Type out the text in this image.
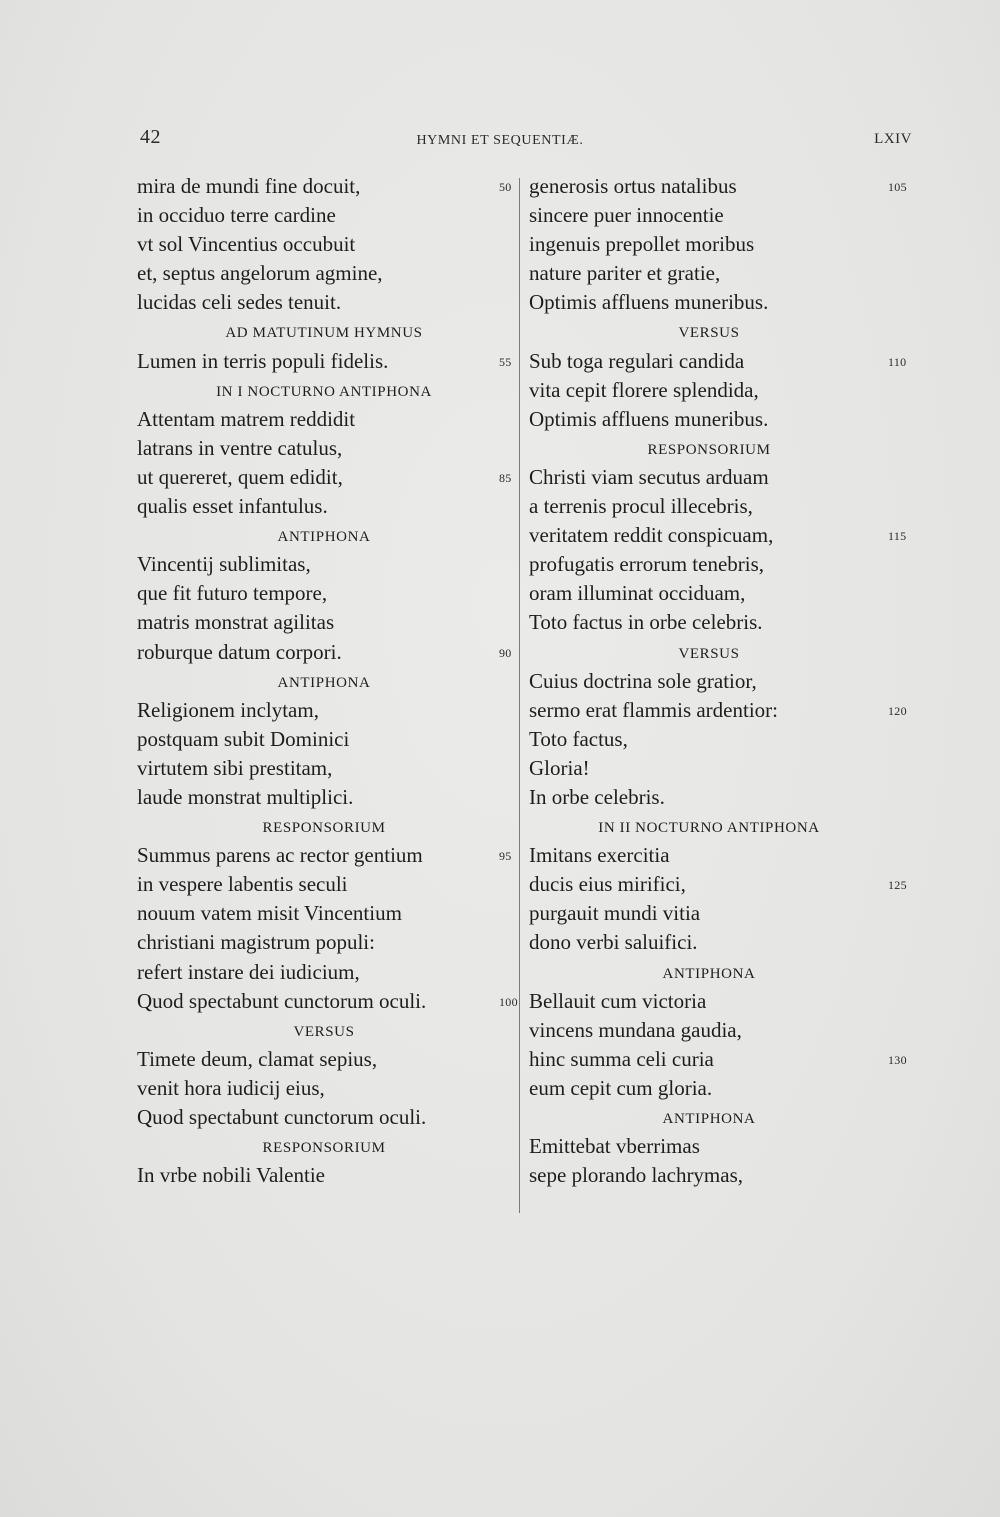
42	HYMNI ET SEQUENTIÆ.	LXIV
mira de mundi fine docuit,	50
in occiduo terre cardine
vt sol Vincentius occubuit
et, septus angelorum agmine,
lucidas celi sedes tenuit.
AD MATUTINUM HYMNUS
Lumen in terris populi fidelis.	55
IN I NOCTURNO ANTIPHONA
Attentam matrem reddidit
latrans in ventre catulus,
ut quereret, quem edidit,	85
qualis esset infantulus.
ANTIPHONA
Vincentij sublimitas,
que fit futuro tempore,
matris monstrat agilitas
roburque datum corpori.	90
ANTIPHONA
Religionem inclytam,
postquam subit Dominici
virtutem sibi prestitam,
laude monstrat multiplici.
RESPONSORIUM
Summus parens ac rector gentium	95
in vespere labentis seculi
nouum vatem misit Vincentium
christiani magistrum populi:
refert instare dei iudicium,
Quod spectabunt cunctorum oculi.	100
VERSUS
Timete deum, clamat sepius,
venit hora iudicij eius,
Quod spectabunt cunctorum oculi.
RESPONSORIUM
In vrbe nobili Valentie
generosis ortus natalibus	105
sincere puer innocentie
ingenuis prepollet moribus
nature pariter et gratie,
Optimis affluens muneribus.
VERSUS
Sub toga regulari candida	110
vita cepit florere splendida,
Optimis affluens muneribus.
RESPONSORIUM
Christi viam secutus arduam
a terrenis procul illecebris,
veritatem reddit conspicuam,	115
profugatis errorum tenebris,
oram illuminat occiduam,
Toto factus in orbe celebris.
VERSUS
Cuius doctrina sole gratior,
sermo erat flammis ardentior:	120
Toto factus,
Gloria!
In orbe celebris.
IN II NOCTURNO ANTIPHONA
Imitans exercitia
ducis eius mirifici,	125
purgauit mundi vitia
dono verbi saluifici.
ANTIPHONA
Bellauit cum victoria
vincens mundana gaudia,
hinc summa celi curia	130
eum cepit cum gloria.
ANTIPHONA
Emittebat vberrimas
sepe plorando lachrymas,
